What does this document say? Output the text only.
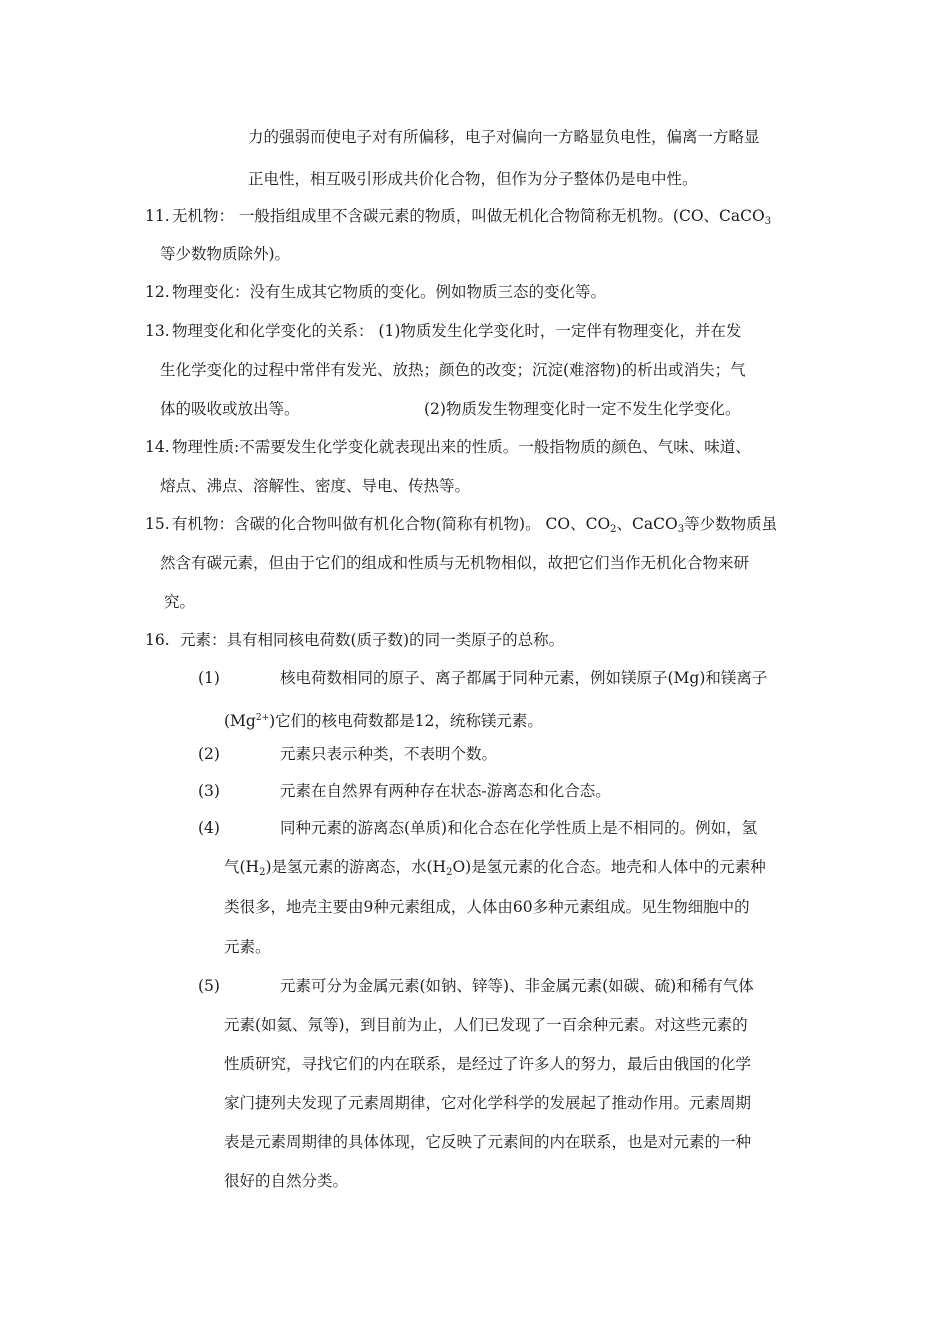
力的强弱而使电子对有所偏移，电子对偏向一方略显负电性，偏离一方略显
正电性，相互吸引形成共价化合物，但作为分子整体仍是电中性。
11. 无机物： 一般指组成里不含碳元素的物质，叫做无机化合物简称无机物。(CO、CaCO$_3$
等少数物质除外)。
12. 物理变化：没有生成其它物质的变化。例如物质三态的变化等。
13. 物理变化和化学变化的关系： (1)物质发生化学变化时，一定伴有物理变化，并在发
生化学变化的过程中常伴有发光、放热；颜色的改变；沉淀(难溶物)的析出或消失；气
体的吸收或放出等。	(2)物质发生物理变化时一定不发生化学变化。
14. 物理性质:不需要发生化学变化就表现出来的性质。一般指物质的颜色、气味、味道、
熔点、沸点、溶解性、密度、导电、传热等。
15. 有机物：含碳的化合物叫做有机化合物(简称有机物)。 CO、$CO_2$、CaCO$_3$等少数物质虽
然含有碳元素，但由于它们的组成和性质与无机物相似，故把它们当作无机化合物来研
究。
16. 元素：具有相同核电荷数(质子数)的同一类原子的总称。
(1)	核电荷数相同的原子、离子都属于同种元素，例如镁原子(Mg)和镁离子
$(Mg^{2+})$它们的核电荷数都是12，统称镁元素。
(2)	元素只表示种类，不表明个数。
(3)	元素在自然界有两种存在状态-游离态和化合态。
(4)	同种元素的游离态(单质)和化合态在化学性质上是不相同的。例如，氢
气$(H_2)$是氢元素的游离态，水$(H_2O)$是氢元素的化合态。地壳和人体中的元素种
类很多，地壳主要由9种元素组成，人体由60多种元素组成。见生物细胞中的
元素。
(5)	元素可分为金属元素(如钠、锌等)、非金属元素(如碳、硫)和稀有气体
元素(如氦、氖等)，到目前为止，人们已发现了一百余种元素。对这些元素的
性质研究，寻找它们的内在联系，是经过了许多人的努力，最后由俄国的化学
家门捷列夫发现了元素周期律，它对化学科学的发展起了推动作用。元素周期
表是元素周期律的具体体现，它反映了元素间的内在联系，也是对元素的一种
很好的自然分类。
